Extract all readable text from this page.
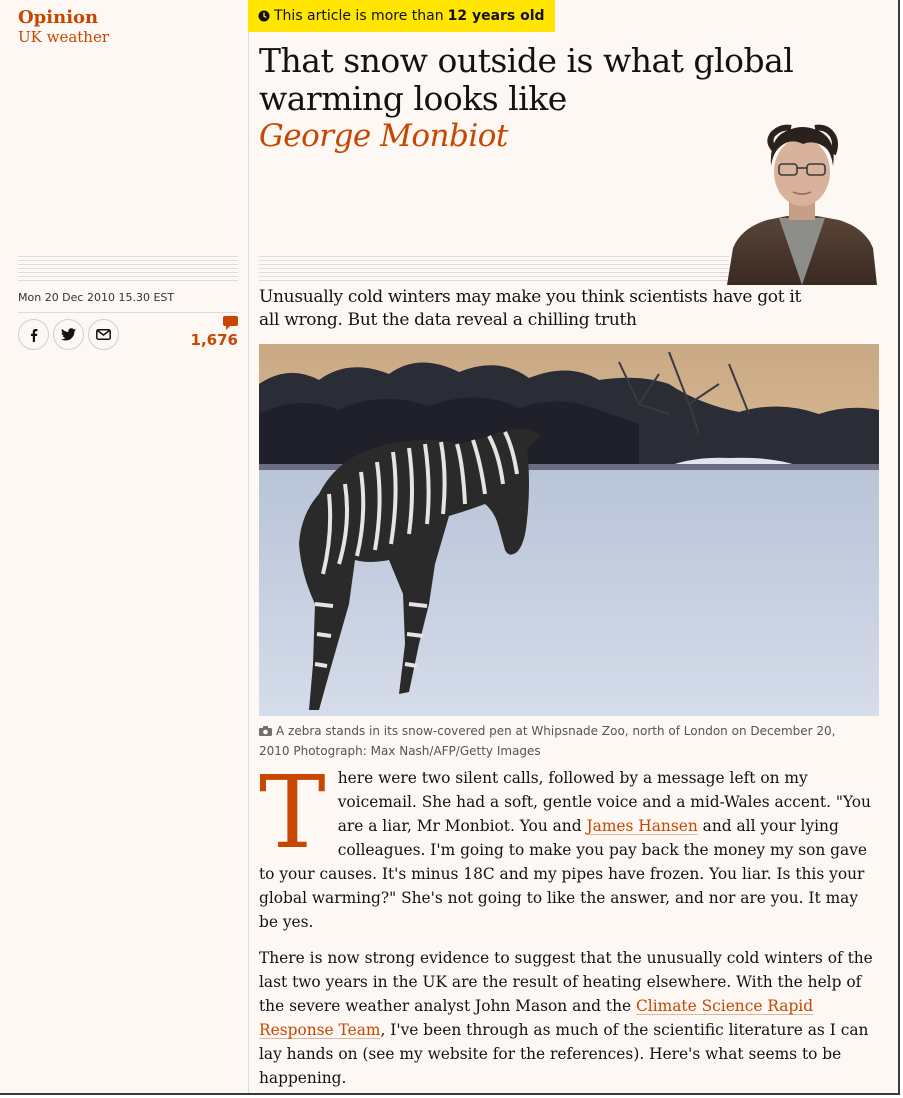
Opinion
UK weather
Mon 20 Dec 2010 15.30 EST
1,676
This article is more than 12 years old
That snow outside is what global warming looks like
George Monbiot
Unusually cold winters may make you think scientists have got it all wrong. But the data reveal a chilling truth
A zebra stands in its snow-covered pen at Whipsnade Zoo, north of London on December 20, 2010 Photograph: Max Nash/AFP/Getty Images

There were two silent calls, followed by a message left on my voicemail. She had a soft, gentle voice and a mid-Wales accent. "You are a liar, Mr Monbiot. You and James Hansen and all your lying colleagues. I'm going to make you pay back the money my son gave to your causes. It's minus 18C and my pipes have frozen. You liar. Is this your global warming?" She's not going to like the answer, and nor are you. It may be yes.

There is now strong evidence to suggest that the unusually cold winters of the last two years in the UK are the result of heating elsewhere. With the help of the severe weather analyst John Mason and the Climate Science Rapid Response Team, I've been through as much of the scientific literature as I can lay hands on (see my website for the references). Here's what seems to be happening.
